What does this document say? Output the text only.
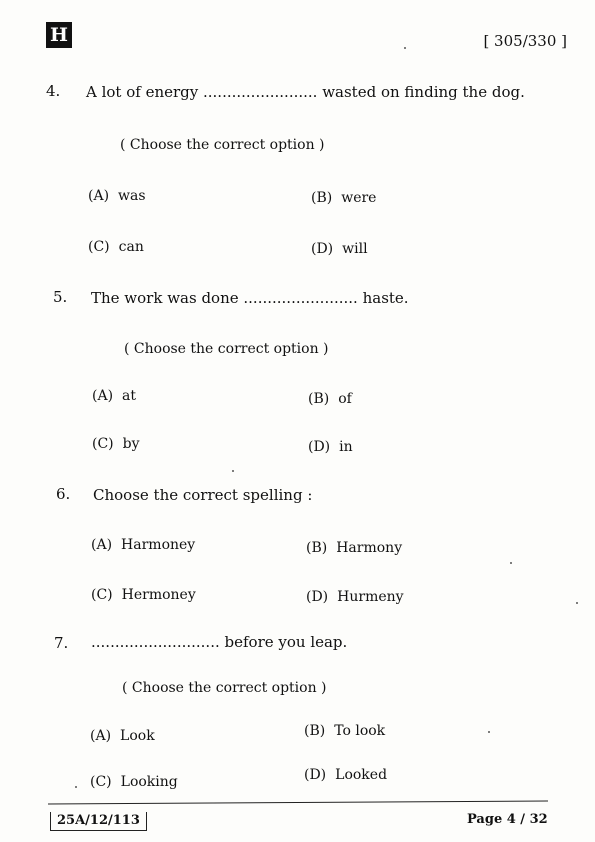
H	[ 305/330 ]
4. A lot of energy ........................ wasted on finding the dog.
( Choose the correct option )
(A) was	(B) were
(C) can	(D) will
5. The work was done ........................ haste.
( Choose the correct option )
(A) at	(B) of
(C) by	(D) in
6. Choose the correct spelling :
(A) Harmoney	(B) Harmony
(C) Hermoney	(D) Hurmeny
7. ........................... before you leap.
( Choose the correct option )
(A) Look	(B) To look
(C) Looking	(D) Looked
25A/12/113	Page 4 / 32
